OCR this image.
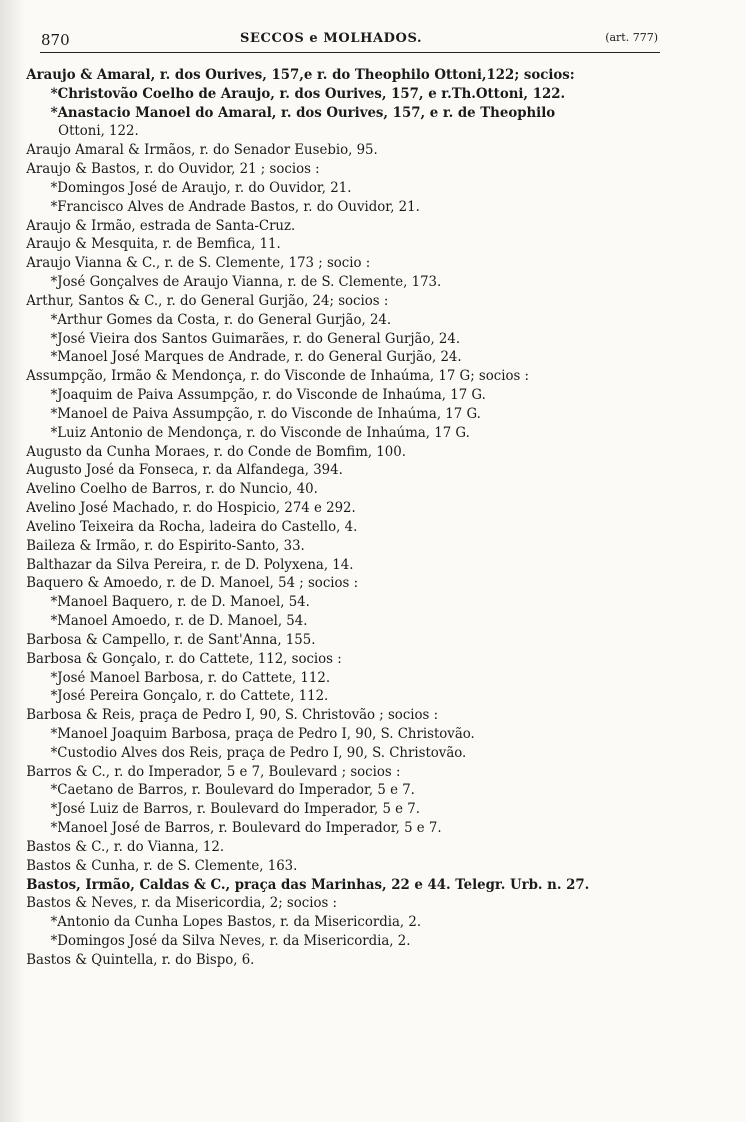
870	SECCOS e MOLHADOS.	(art. 777)
Araujo & Amaral, r. dos Ourives, 157,e r. do Theophilo Ottoni,122; socios:
*Christovão Coelho de Araujo, r. dos Ourives, 157, e r.Th.Ottoni, 122.
*Anastacio Manoel do Amaral, r. dos Ourives, 157, e r. de Theophilo
Ottoni, 122.
Araujo Amaral & Irmãos, r. do Senador Eusebio, 95.
Araujo & Bastos, r. do Ouvidor, 21 ; socios :
*Domingos José de Araujo, r. do Ouvidor, 21.
*Francisco Alves de Andrade Bastos, r. do Ouvidor, 21.
Araujo & Irmão, estrada de Santa-Cruz.
Araujo & Mesquita, r. de Bemfica, 11.
Araujo Vianna & C., r. de S. Clemente, 173 ; socio :
*José Gonçalves de Araujo Vianna, r. de S. Clemente, 173.
Arthur, Santos & C., r. do General Gurjão, 24; socios :
*Arthur Gomes da Costa, r. do General Gurjão, 24.
*José Vieira dos Santos Guimarães, r. do General Gurjão, 24.
*Manoel José Marques de Andrade, r. do General Gurjão, 24.
Assumpção, Irmão & Mendonça, r. do Visconde de Inhaúma, 17 G; socios :
*Joaquim de Paiva Assumpção, r. do Visconde de Inhaúma, 17 G.
*Manoel de Paiva Assumpção, r. do Visconde de Inhaúma, 17 G.
*Luiz Antonio de Mendonça, r. do Visconde de Inhaúma, 17 G.
Augusto da Cunha Moraes, r. do Conde de Bomfim, 100.
Augusto José da Fonseca, r. da Alfandega, 394.
Avelino Coelho de Barros, r. do Nuncio, 40.
Avelino José Machado, r. do Hospicio, 274 e 292.
Avelino Teixeira da Rocha, ladeira do Castello, 4.
Baileza & Irmão, r. do Espirito-Santo, 33.
Balthazar da Silva Pereira, r. de D. Polyxena, 14.
Baquero & Amoedo, r. de D. Manoel, 54 ; socios :
*Manoel Baquero, r. de D. Manoel, 54.
*Manoel Amoedo, r. de D. Manoel, 54.
Barbosa & Campello, r. de Sant'Anna, 155.
Barbosa & Gonçalo, r. do Cattete, 112, socios :
*José Manoel Barbosa, r. do Cattete, 112.
*José Pereira Gonçalo, r. do Cattete, 112.
Barbosa & Reis, praça de Pedro I, 90, S. Christovão ; socios :
*Manoel Joaquim Barbosa, praça de Pedro I, 90, S. Christovão.
*Custodio Alves dos Reis, praça de Pedro I, 90, S. Christovão.
Barros & C., r. do Imperador, 5 e 7, Boulevard ; socios :
*Caetano de Barros, r. Boulevard do Imperador, 5 e 7.
*José Luiz de Barros, r. Boulevard do Imperador, 5 e 7.
*Manoel José de Barros, r. Boulevard do Imperador, 5 e 7.
Bastos & C., r. do Vianna, 12.
Bastos & Cunha, r. de S. Clemente, 163.
Bastos, Irmão, Caldas & C., praça das Marinhas, 22 e 44. Telegr. Urb. n. 27.
Bastos & Neves, r. da Misericordia, 2; socios :
*Antonio da Cunha Lopes Bastos, r. da Misericordia, 2.
*Domingos José da Silva Neves, r. da Misericordia, 2.
Bastos & Quintella, r. do Bispo, 6.
